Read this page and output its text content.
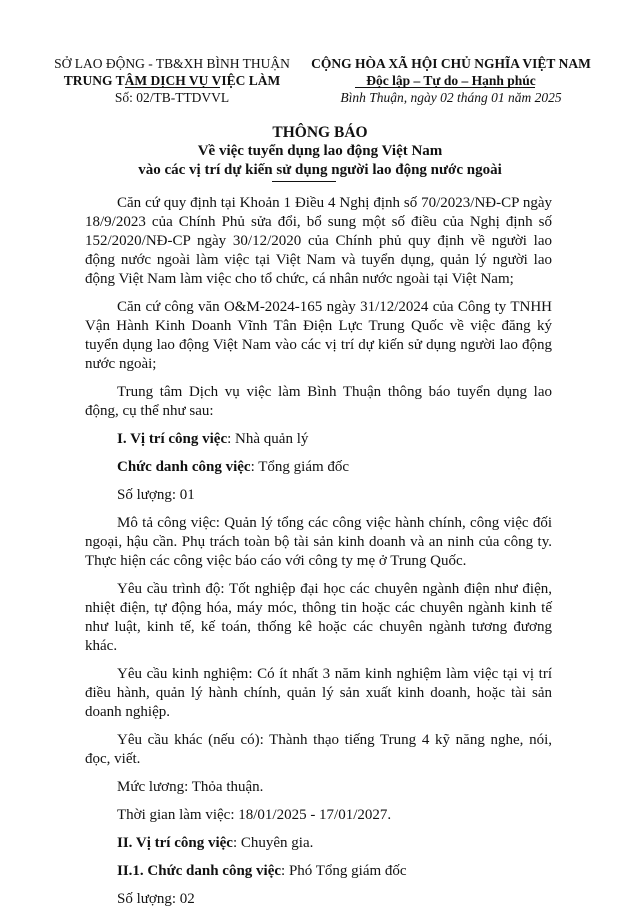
SỞ LAO ĐỘNG - TB&XH BÌNH THUẬN
TRUNG TÂM DỊCH VỤ VIỆC LÀM
Số: 02/TB-TTDVVL
CỘNG HÒA XÃ HỘI CHỦ NGHĨA VIỆT NAM
Độc lập – Tự do – Hạnh phúc
Bình Thuận, ngày 02 tháng 01 năm 2025
THÔNG BÁO
Về việc tuyển dụng lao động Việt Nam
vào các vị trí dự kiến sử dụng người lao động nước ngoài

Căn cứ quy định tại Khoản 1 Điều 4 Nghị định số 70/2023/NĐ-CP ngày 18/9/2023 của Chính Phủ sửa đổi, bổ sung một số điều của Nghị định số 152/2020/NĐ-CP ngày 30/12/2020 của Chính phủ quy định về người lao động nước ngoài làm việc tại Việt Nam và tuyển dụng, quản lý người lao động Việt Nam làm việc cho tổ chức, cá nhân nước ngoài tại Việt Nam;

Căn cứ công văn O&M-2024-165 ngày 31/12/2024 của Công ty TNHH Vận Hành Kinh Doanh Vĩnh Tân Điện Lực Trung Quốc về việc đăng ký tuyển dụng lao động Việt Nam vào các vị trí dự kiến sử dụng người lao động nước ngoài;

Trung tâm Dịch vụ việc làm Bình Thuận thông báo tuyển dụng lao động, cụ thể như sau:

I. Vị trí công việc: Nhà quản lý

Chức danh công việc: Tổng giám đốc

Số lượng: 01

Mô tả công việc: Quản lý tổng các công việc hành chính, công việc đối ngoại, hậu cần. Phụ trách toàn bộ tài sản kinh doanh và an ninh của công ty. Thực hiện các công việc báo cáo với công ty mẹ ở Trung Quốc.

Yêu cầu trình độ: Tốt nghiệp đại học các chuyên ngành điện như điện, nhiệt điện, tự động hóa, máy móc, thông tin hoặc các chuyên ngành kinh tế như luật, kinh tế, kế toán, thống kê hoặc các chuyên ngành tương đương khác.

Yêu cầu kinh nghiệm: Có ít nhất 3 năm kinh nghiệm làm việc tại vị trí điều hành, quản lý hành chính, quản lý sản xuất kinh doanh, hoặc tài sản doanh nghiệp.

Yêu cầu khác (nếu có): Thành thạo tiếng Trung 4 kỹ năng nghe, nói, đọc, viết.

Mức lương: Thỏa thuận.

Thời gian làm việc: 18/01/2025 - 17/01/2027.

II. Vị trí công việc: Chuyên gia.

II.1. Chức danh công việc: Phó Tổng giám đốc

Số lượng: 02
